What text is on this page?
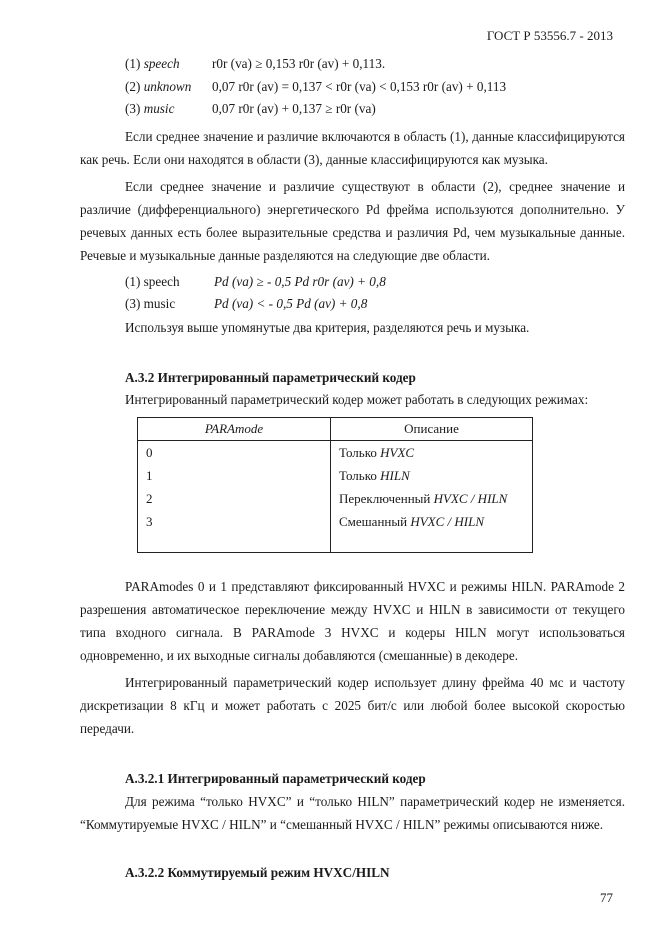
ГОСТ Р 53556.7 - 2013
(1) speech r0r (va) ≥ 0,153 r0r (av) + 0,113.
(2) unknown 0,07 r0r (av) = 0,137 < r0r (va) < 0,153 r0r (av) + 0,113
(3) music	0,07 r0r (av) + 0,137 ≥ r0r (va)

Если среднее значение и различие включаются в область (1), данные классифицируются как речь. Если они находятся в области (3), данные классифицируются как музыка.

Если среднее значение и различие существуют в области (2), среднее значение и различие (дифференциального) энергетического Pd фрейма используются дополнительно. У речевых данных есть более выразительные средства и различия Pd, чем музыкальные данные. Речевые и музыкальные данные разделяются на следующие две области.

(1) speech	Pd (va) ≥ - 0,5 Pd r0r (av) + 0,8
(3) music	Pd (va) < - 0,5 Pd (av) + 0,8

Используя выше упомянутые два критерия, разделяются речь и музыка.

А.3.2 Интегрированный параметрический кодер
Интегрированный параметрический кодер может работать в следующих режимах:
PARAmode	Описание
0	Только HVXC
1	Только HILN
2	Переключенный HVXC / HILN
3	Смешанный HVXC / HILN

PARAmodes 0 и 1 представляют фиксированный HVXC и режимы HILN. PARAmode 2 разрешения автоматическое переключение между HVXC и HILN в зависимости от текущего типа входного сигнала. В PARAmode 3 HVXC и кодеры HILN могут использоваться одновременно, и их выходные сигналы добавляются (смешанные) в декодере.

Интегрированный параметрический кодер использует длину фрейма 40 мс и частоту дискретизации 8 кГц и может работать с 2025 бит/с или любой более высокой скоростью передачи.

А.3.2.1 Интегрированный параметрический кодер

Для режима “только HVXC” и “только HILN” параметрический кодер не изменяется. “Коммутируемые HVXC / HILN” и “смешанный HVXC / HILN” режимы описываются ниже.

А.3.2.2 Коммутируемый режим HVXC/HILN
77
